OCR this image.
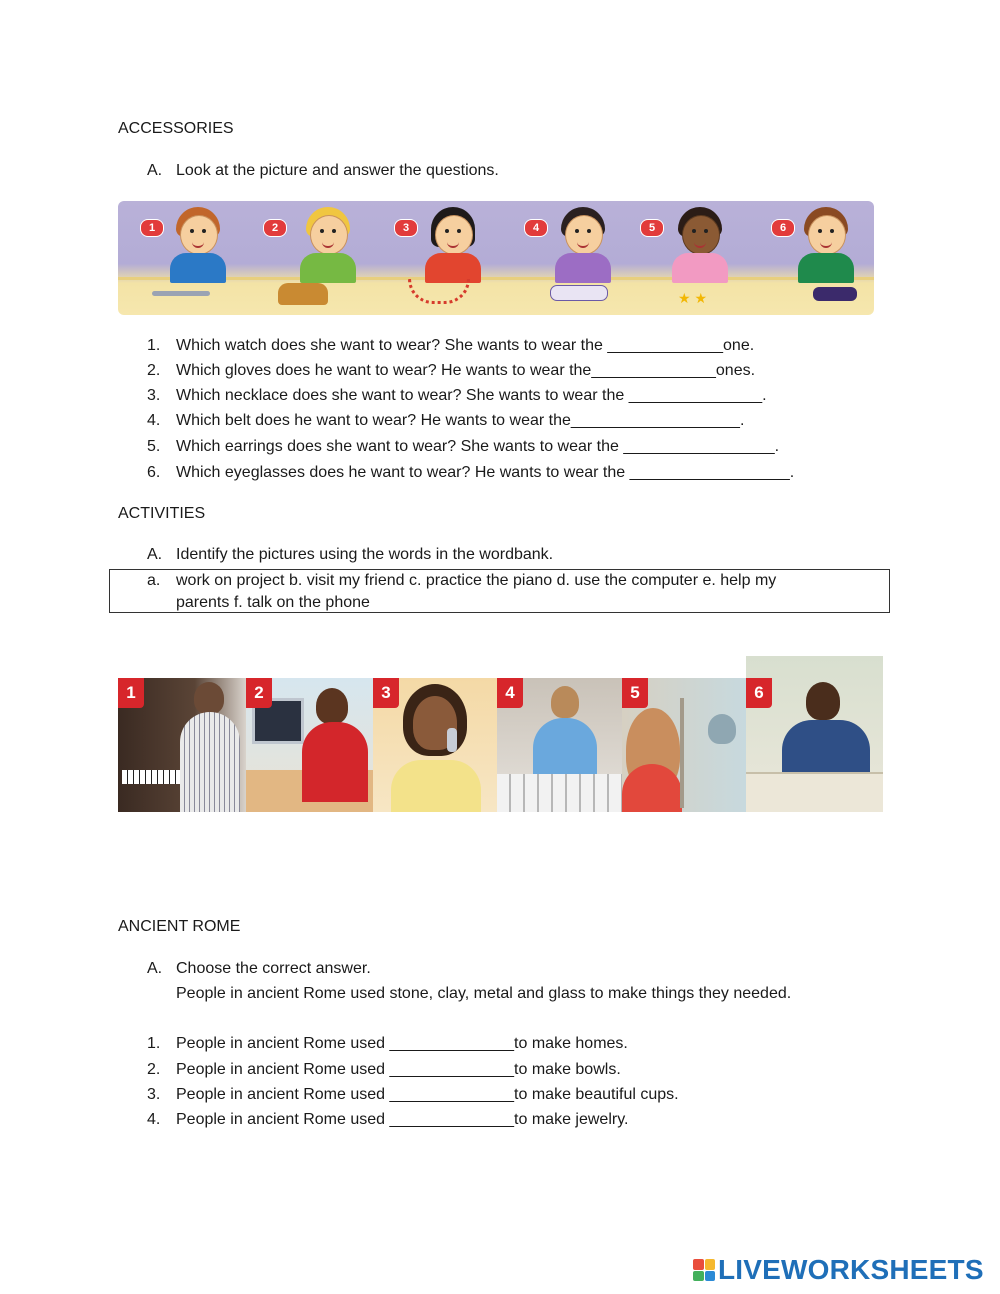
ACCESSORIES
A. Look at the picture and answer the questions.
1	2	3	4	5
★ ★
6
1. Which watch does she want to wear? She wants to wear the _____________one.
2. Which gloves does he want to wear? He wants to wear the______________ones.
3. Which necklace does she want to wear? She wants to wear the _______________.
4. Which belt does he want to wear? He wants to wear the___________________.
5. Which earrings does she want to wear? She wants to wear the _________________.
6. Which eyeglasses does he want to wear? He wants to wear the __________________.
ACTIVITIES
A. Identify the pictures using the words in the wordbank.
a. work on project b. visit my friend c. practice the piano d. use the computer e. help my
parents f. talk on the phone
1	2	3	4	5	6
ANCIENT ROME
A. Choose the correct answer.
People in ancient Rome used stone, clay, metal and glass to make things they needed.
1. People in ancient Rome used ______________to make homes.
2. People in ancient Rome used ______________to make bowls.
3. People in ancient Rome used ______________to make beautiful cups.
4. People in ancient Rome used ______________to make jewelry.
LIVEWORKSHEETS
